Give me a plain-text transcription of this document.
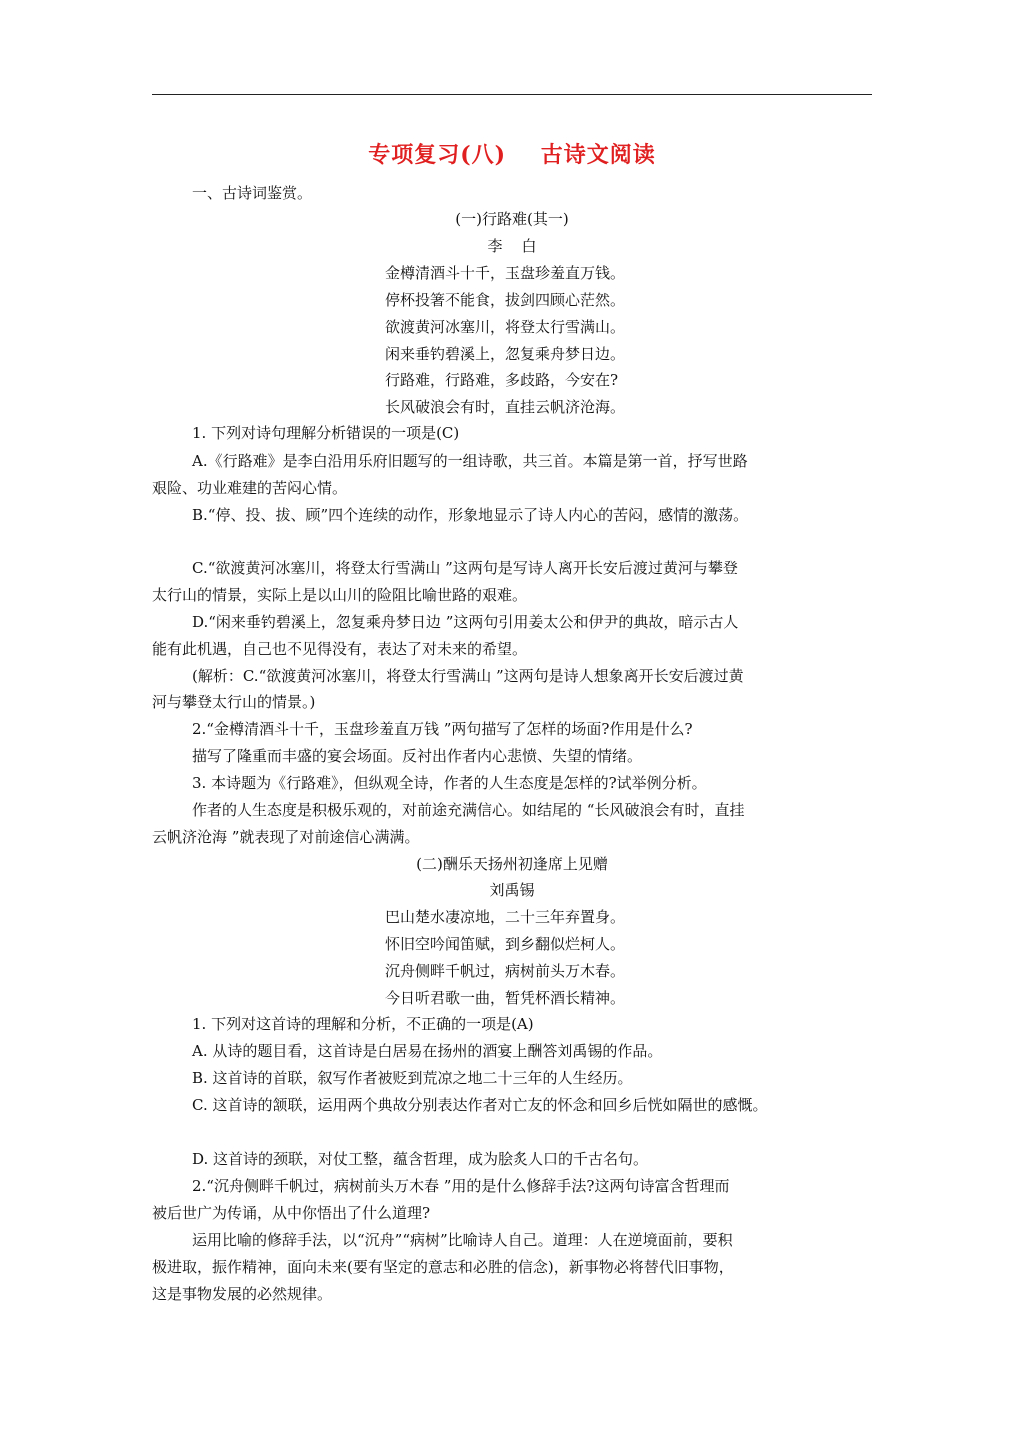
专项复习(八)    古诗文阅读
一、古诗词鉴赏。
(一)行路难(其一)
李    白
金樽清酒斗十千，玉盘珍羞直万钱。
停杯投箸不能食，拔剑四顾心茫然。
欲渡黄河冰塞川，将登太行雪满山。
闲来垂钓碧溪上，忽复乘舟梦日边。
行路难，行路难，多歧路，今安在?
长风破浪会有时，直挂云帆济沧海。
1. 下列对诗句理解分析错误的一项是(C)
A.《行路难》是李白沿用乐府旧题写的一组诗歌，共三首。本篇是第一首，抒写世路
艰险、功业难建的苦闷心情。
B.“停、投、拔、顾”四个连续的动作，形象地显示了诗人内心的苦闷，感情的激荡。
C.“欲渡黄河冰塞川，将登太行雪满山 ”这两句是写诗人离开长安后渡过黄河与攀登
太行山的情景，实际上是以山川的险阻比喻世路的艰难。
D.“闲来垂钓碧溪上，忽复乘舟梦日边 ”这两句引用姜太公和伊尹的典故，暗示古人
能有此机遇，自己也不见得没有，表达了对未来的希望。
(解析：C.“欲渡黄河冰塞川，将登太行雪满山 ”这两句是诗人想象离开长安后渡过黄
河与攀登太行山的情景。)
2.“金樽清酒斗十千，玉盘珍羞直万钱 ”两句描写了怎样的场面?作用是什么?
描写了隆重而丰盛的宴会场面。反衬出作者内心悲愤、失望的情绪。
3. 本诗题为《行路难》，但纵观全诗，作者的人生态度是怎样的?试举例分析。
作者的人生态度是积极乐观的，对前途充满信心。如结尾的 “长风破浪会有时，直挂
云帆济沧海 ”就表现了对前途信心满满。
(二)酬乐天扬州初逢席上见赠
刘禹锡
巴山楚水凄凉地，二十三年弃置身。
怀旧空吟闻笛赋，到乡翻似烂柯人。
沉舟侧畔千帆过，病树前头万木春。
今日听君歌一曲，暂凭杯酒长精神。
1. 下列对这首诗的理解和分析，不正确的一项是(A)
A. 从诗的题目看，这首诗是白居易在扬州的酒宴上酬答刘禹锡的作品。
B. 这首诗的首联，叙写作者被贬到荒凉之地二十三年的人生经历。
C. 这首诗的颔联，运用两个典故分别表达作者对亡友的怀念和回乡后恍如隔世的感慨。
D. 这首诗的颈联，对仗工整，蕴含哲理，成为脍炙人口的千古名句。
2.“沉舟侧畔千帆过，病树前头万木春 ”用的是什么修辞手法?这两句诗富含哲理而
被后世广为传诵，从中你悟出了什么道理?
运用比喻的修辞手法，以“沉舟”“病树”比喻诗人自己。道理：人在逆境面前，要积
极进取，振作精神，面向未来(要有坚定的意志和必胜的信念)，新事物必将替代旧事物，
这是事物发展的必然规律。
